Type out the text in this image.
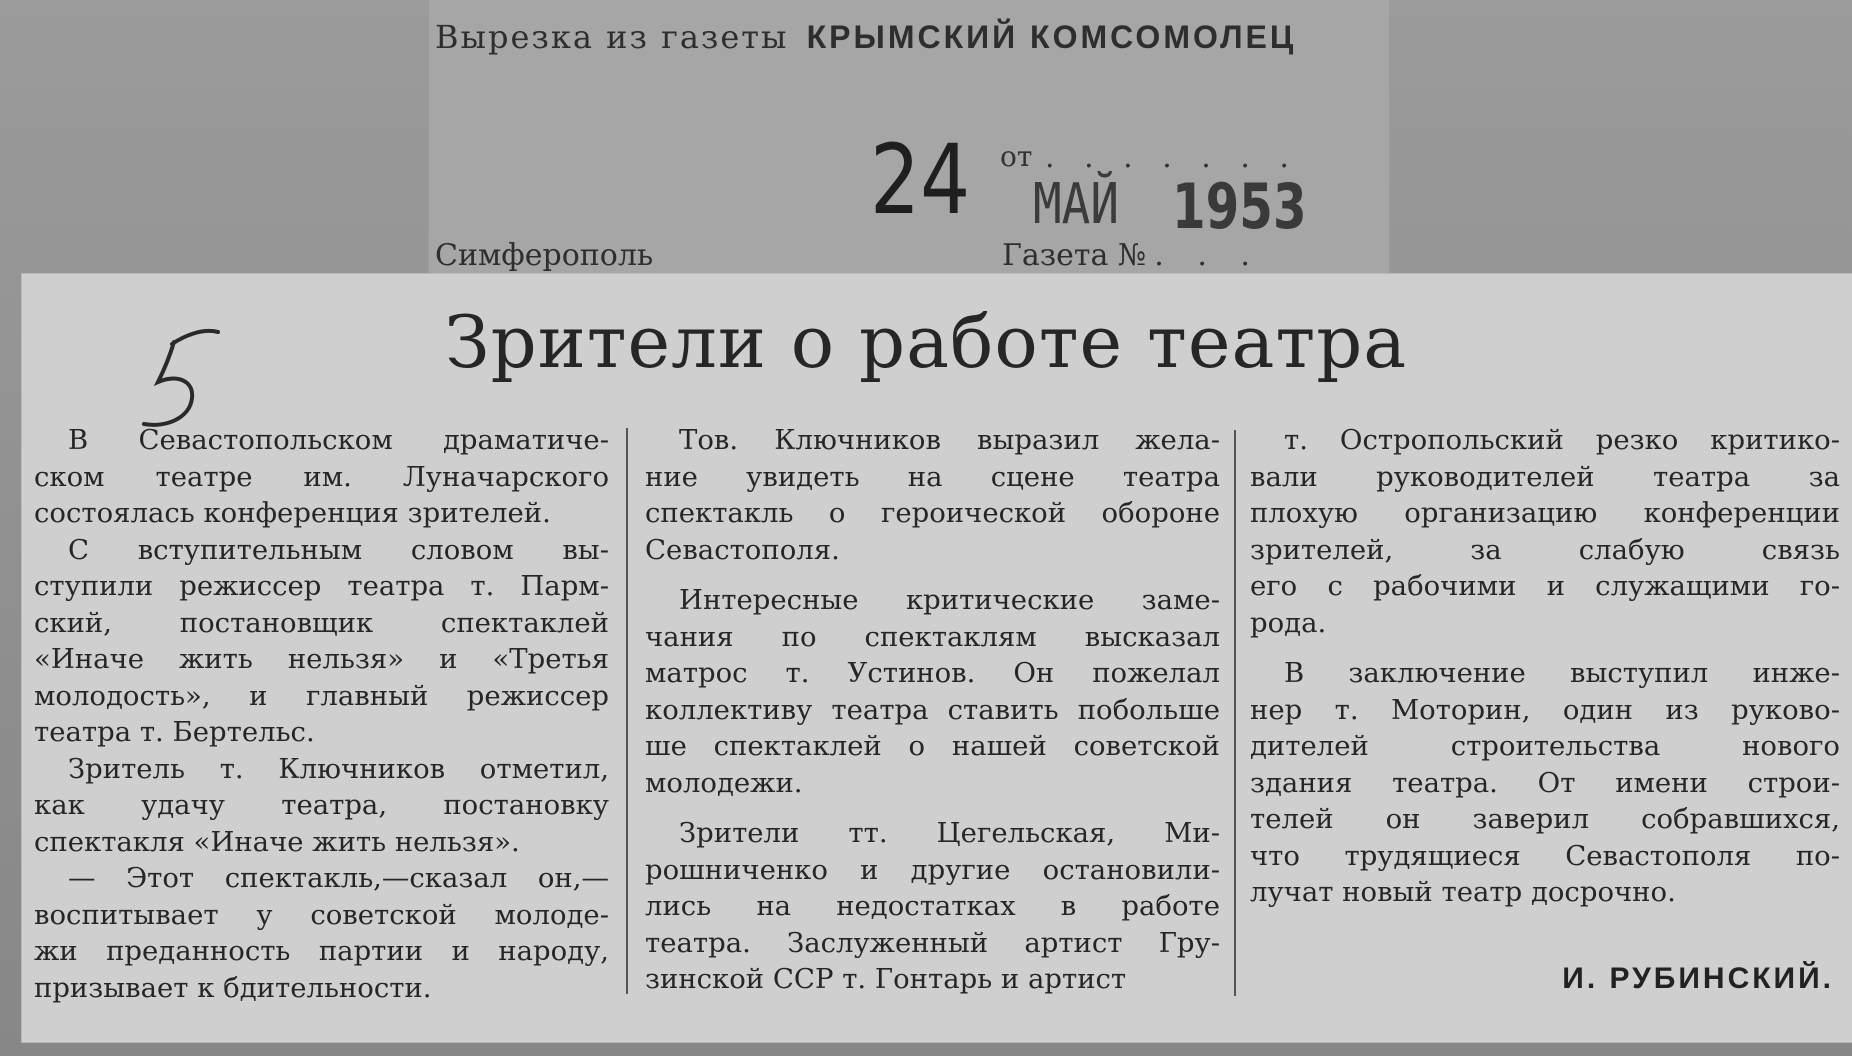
Вырезка из газеты КРЫМСКИЙ КОМСОМОЛЕЦ
24 от . . . . . . .
МАЙ 1953
Симферополь	Газета № . . .
Зрители о работе театра
В Севастопольском драматиче-
ском театре им. Луначарского
состоялась конференция зрителей.
С вступительным словом вы-
ступили режиссер театра т. Парм-
ский, постановщик спектаклей
«Иначе жить нельзя» и «Третья
молодость», и главный режиссер
театра т. Бертельс.
Зритель т. Ключников отметил,
как удачу театра, постановку
спектакля «Иначе жить нельзя».
— Этот спектакль,—сказал он,—
воспитывает у советской молоде-
жи преданность партии и народу,
призывает к бдительности.
Тов. Ключников выразил жела-
ние увидеть на сцене театра
спектакль о героической обороне
Севастополя.
Интересные критические заме-
чания по спектаклям высказал
матрос т. Устинов. Он пожелал
коллективу театра ставить побольше
ше спектаклей о нашей советской
молодежи.
Зрители тт. Цегельская, Ми-
рошниченко и другие остановили-
лись на недостатках в работе
театра. Заслуженный артист Гру-
зинской ССР т. Гонтарь и артист
т. Остропольский резко критико-
вали руководителей театра за
плохую организацию конференции
зрителей, за слабую связь
его с рабочими и служащими го-
рода.
В заключение выступил инже-
нер т. Моторин, один из руково-
дителей строительства нового
здания театра. От имени строи-
телей он заверил собравшихся,
что трудящиеся Севастополя по-
лучат новый театр досрочно.
И. РУБИНСКИЙ.
